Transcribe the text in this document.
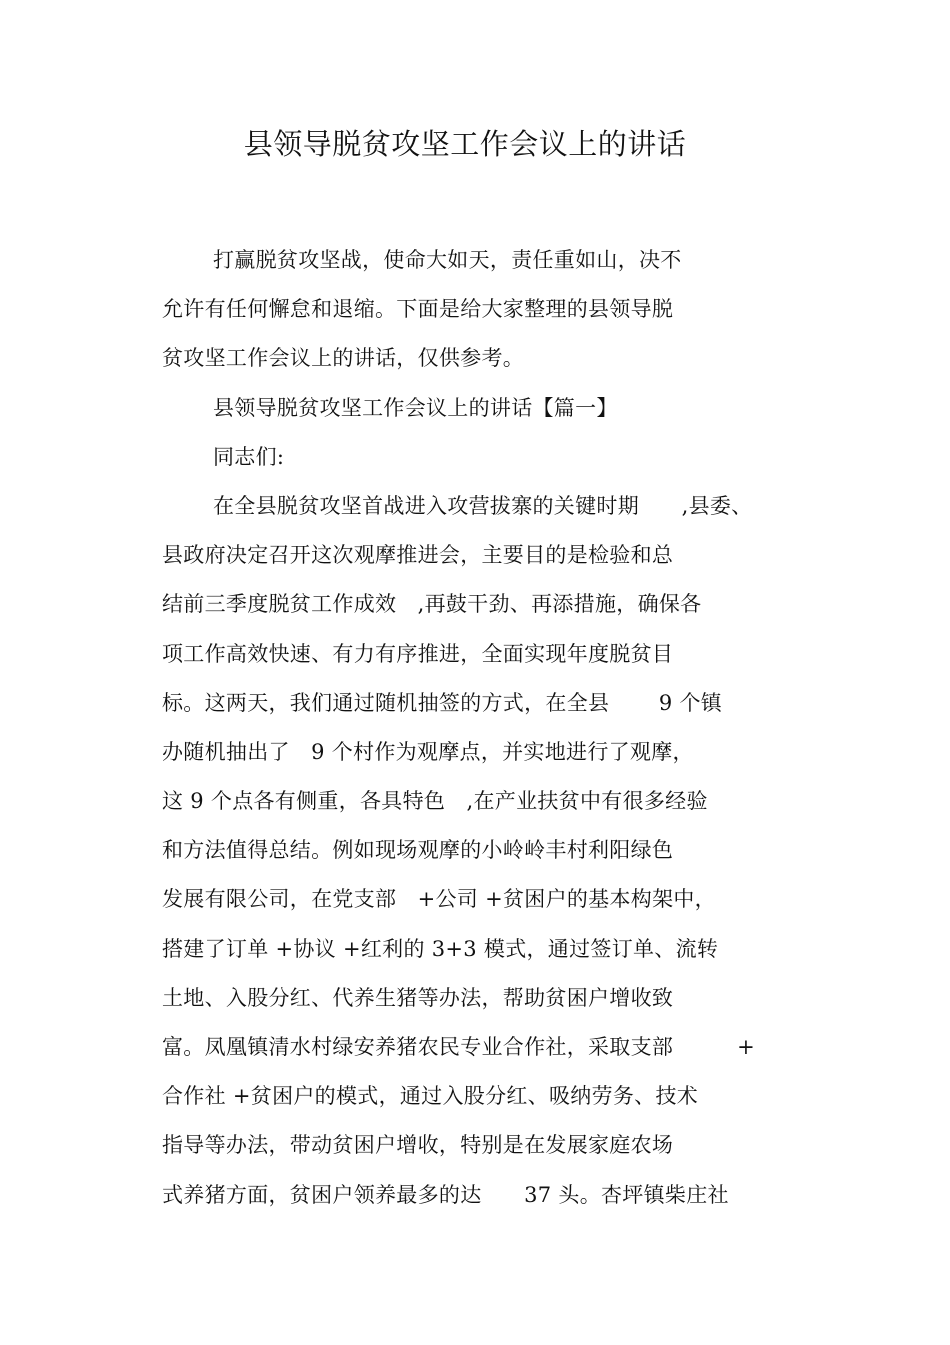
县领导脱贫攻坚工作会议上的讲话
打赢脱贫攻坚战，使命大如天，责任重如山，决不
允许有任何懈怠和退缩。下面是给大家整理的县领导脱
贫攻坚工作会议上的讲话，仅供参考。
县领导脱贫攻坚工作会议上的讲话【篇一】
同志们:
在全县脱贫攻坚首战进入攻营拔寨的关键时期　　,县委、
县政府决定召开这次观摩推进会，主要目的是检验和总
结前三季度脱贫工作成效　,再鼓干劲、再添措施，确保各
项工作高效快速、有力有序推进，全面实现年度脱贫目
标。这两天，我们通过随机抽签的方式，在全县　　 9 个镇
办随机抽出了　9 个村作为观摩点，并实地进行了观摩，
这 9 个点各有侧重，各具特色　,在产业扶贫中有很多经验
和方法值得总结。例如现场观摩的小岭岭丰村利阳绿色
发展有限公司，在党支部　+公司 +贫困户的基本构架中，
搭建了订单 +协议 +红利的 3+3 模式，通过签订单、流转
土地、入股分红、代养生猪等办法，帮助贫困户增收致
富。凤凰镇清水村绿安养猪农民专业合作社，采取支部　　　+
合作社 +贫困户的模式，通过入股分红、吸纳劳务、技术
指导等办法，带动贫困户增收，特别是在发展家庭农场
式养猪方面，贫困户领养最多的达　　37 头。杏坪镇柴庄社
